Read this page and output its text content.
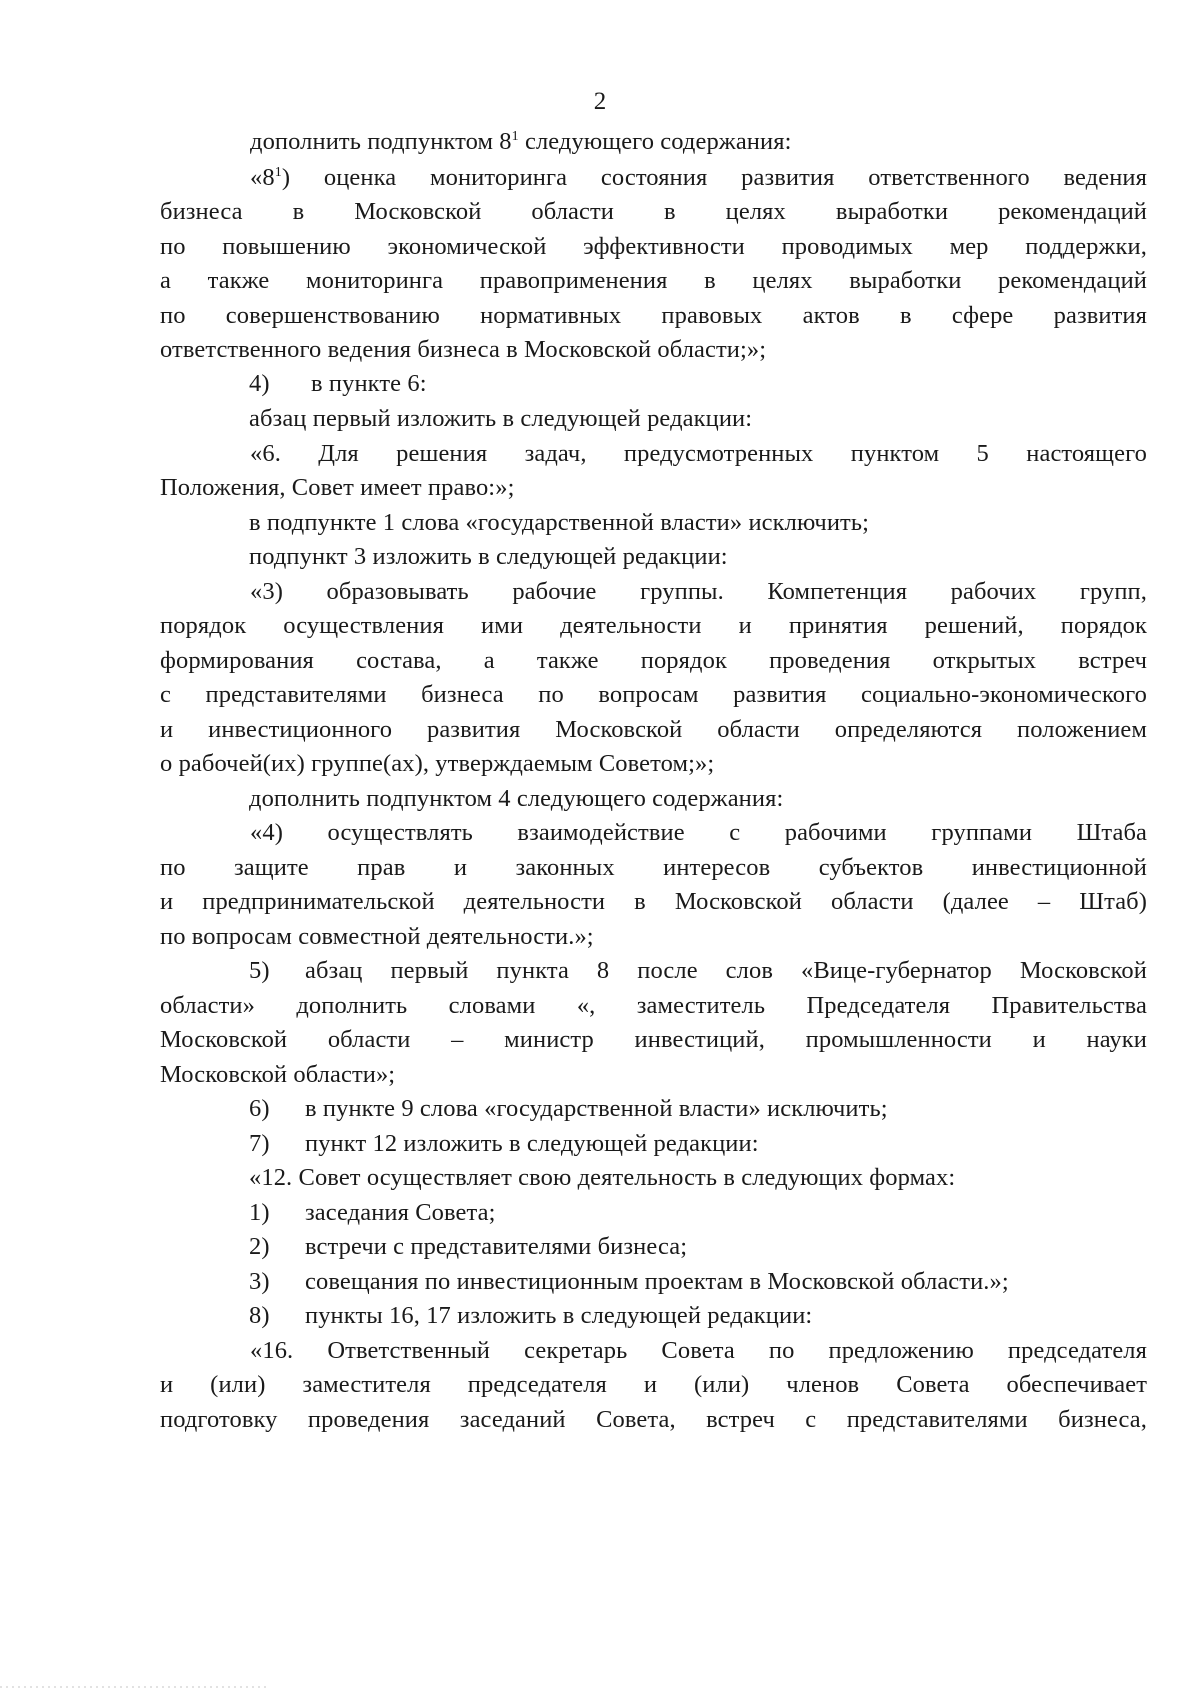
2
дополнить подпунктом $8^1$ следующего содержания:
«$8^1$) оценка мониторинга состояния развития ответственного ведения
бизнеса в Московской области в целях выработки рекомендаций
по повышению экономической эффективности проводимых мер поддержки,
а также мониторинга правоприменения в целях выработки рекомендаций
по совершенствованию нормативных правовых актов в сфере развития
ответственного ведения бизнеса в Московской области;»;
4) в пункте 6:
абзац первый изложить в следующей редакции:
«6. Для решения задач, предусмотренных пунктом 5 настоящего
Положения, Совет имеет право:»;
в подпункте 1 слова «государственной власти» исключить;
подпункт 3 изложить в следующей редакции:
«3) образовывать рабочие группы. Компетенция рабочих групп,
порядок осуществления ими деятельности и принятия решений, порядок
формирования состава, а также порядок проведения открытых встреч
с представителями бизнеса по вопросам развития социально-экономического
и инвестиционного развития Московской области определяются положением
о рабочей(их) группе(ах), утверждаемым Советом;»;
дополнить подпунктом 4 следующего содержания:
«4) осуществлять взаимодействие с рабочими группами Штаба
по защите прав и законных интересов субъектов инвестиционной
и предпринимательской деятельности в Московской области (далее – Штаб)
по вопросам совместной деятельности.»;
5) абзац первый пункта 8 после слов «Вице-губернатор Московской
области» дополнить словами «, заместитель Председателя Правительства
Московской области – министр инвестиций, промышленности и науки
Московской области»;
6) в пункте 9 слова «государственной власти» исключить;
7) пункт 12 изложить в следующей редакции:
«12. Совет осуществляет свою деятельность в следующих формах:
1) заседания Совета;
2) встречи с представителями бизнеса;
3) совещания по инвестиционным проектам в Московской области.»;
8) пункты 16, 17 изложить в следующей редакции:
«16. Ответственный секретарь Совета по предложению председателя
и (или) заместителя председателя и (или) членов Совета обеспечивает
подготовку проведения заседаний Совета, встреч с представителями бизнеса,
